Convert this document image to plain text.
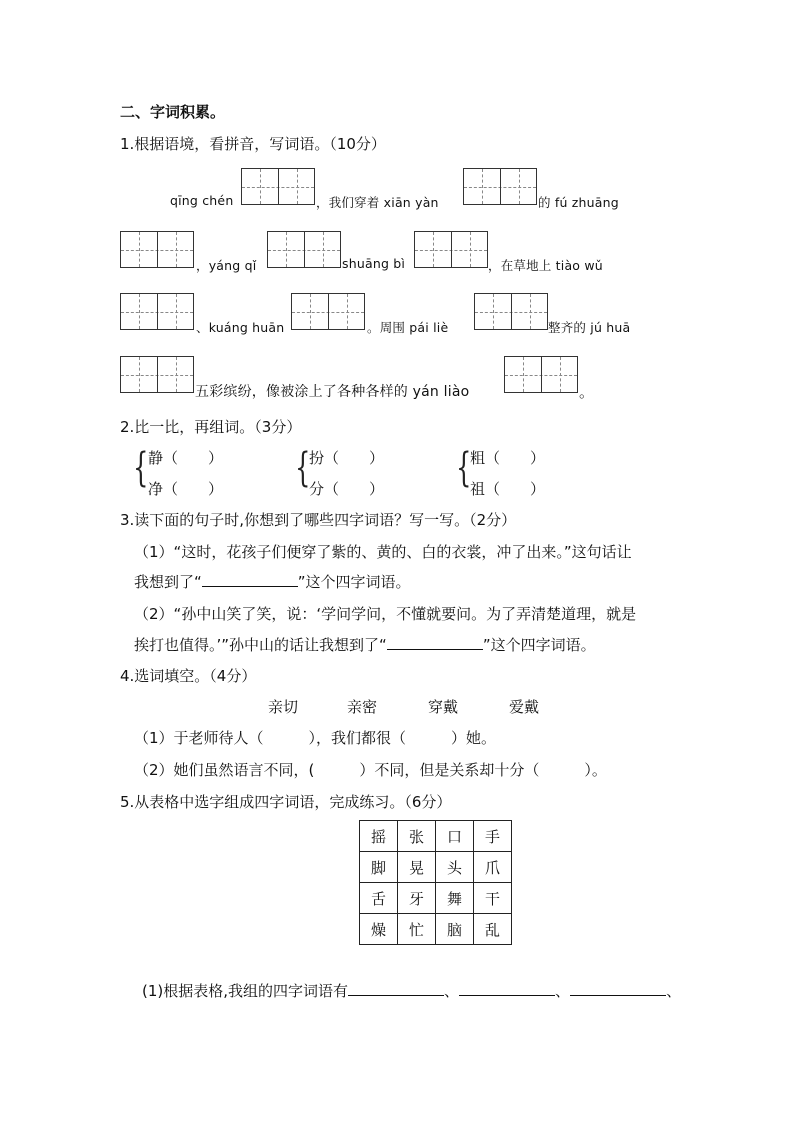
二、字词积累。
1.根据语境，看拼音，写词语。（10分）
qīng chén	，我们穿着 xiān yàn	的 fú zhuāng
，yáng qǐ	shuāng bì	，在草地上 tiào wǔ
、kuáng huān	。周围 pái liè	整齐的 jú huā
五彩缤纷，像被涂上了各种各样的 yán liào	。
2.比一比，再组词。（3分）
{ 静（　　）
净（　　） {
扮（　　）
分（　　） {
粗（　　）
祖（　　）
3.读下面的句子时,你想到了哪些四字词语？写一写。（2分）
（1）“这时，花孩子们便穿了紫的、黄的、白的衣裳，冲了出来。”这句话让
我想到了“	”这个四字词语。
（2）“孙中山笑了笑，说：‘学问学问，不懂就要问。为了弄清楚道理，就是
挨打也值得。’”孙中山的话让我想到了“	”这个四字词语。
4.选词填空。（4分）
亲切	亲密	穿戴	爱戴
（1）于老师待人（　　　），我们都很（　　　）她。
（2）她们虽然语言不同，(　　　）不同，但是关系却十分（　　　）。
5.从表格中选字组成四字词语，完成练习。（6分）
摇	张	口	手
脚	晃	头	爪
舌	牙	舞	干
燥	忙	脑	乱
(1)根据表格,我组的四字词语有	、	、	、
